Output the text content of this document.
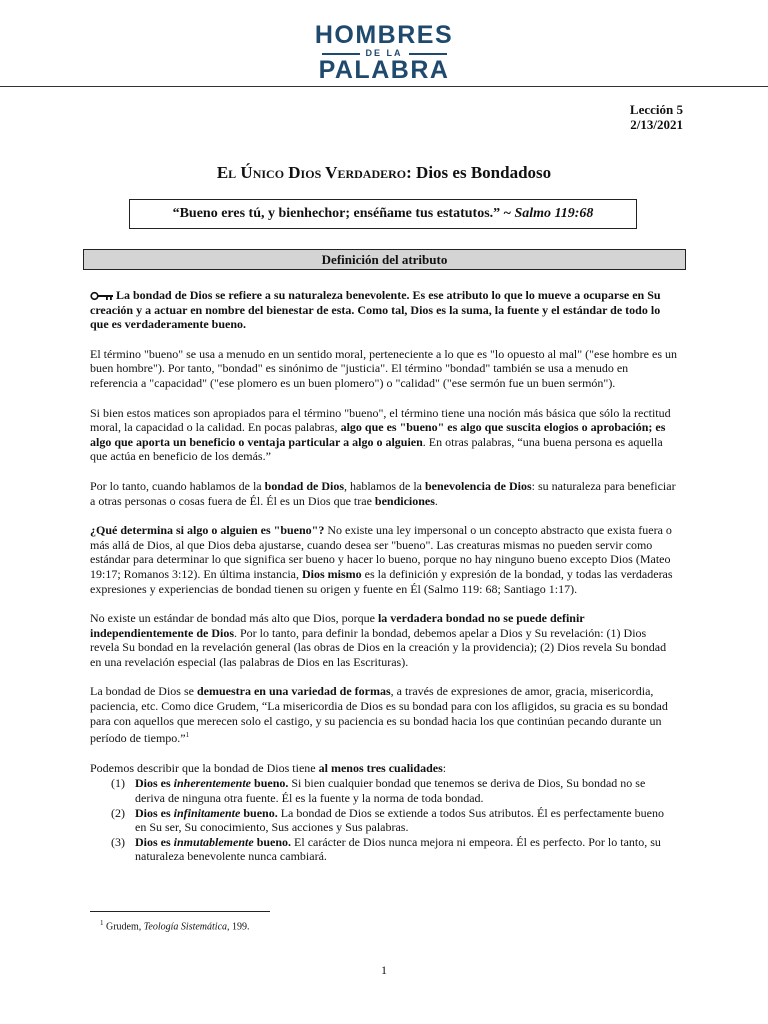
HOMBRES
DE LA
PALABRA
Lección 5
2/13/2021
El Único Dios Verdadero: Dios es Bondadoso
“Bueno eres tú, y bienhechor; enséñame tus estatutos.” ~ Salmo 119:68
Definición del atributo

La bondad de Dios se refiere a su naturaleza benevolente. Es ese atributo lo que lo mueve a ocuparse en Su creación y a actuar en nombre del bienestar de esta. Como tal, Dios es la suma, la fuente y el estándar de todo lo que es verdaderamente bueno.

El término "bueno" se usa a menudo en un sentido moral, perteneciente a lo que es "lo opuesto al mal" ("ese hombre es un buen hombre"). Por tanto, "bondad" es sinónimo de "justicia". El término "bondad" también se usa a menudo en referencia a "capacidad" ("ese plomero es un buen plomero") o "calidad" ("ese sermón fue un buen sermón").

Si bien estos matices son apropiados para el término "bueno", el término tiene una noción más básica que sólo la rectitud moral, la capacidad o la calidad. En pocas palabras, algo que es "bueno" es algo que suscita elogios o aprobación; es algo que aporta un beneficio o ventaja particular a algo o alguien. En otras palabras, “una buena persona es aquella que actúa en beneficio de los demás.”

Por lo tanto, cuando hablamos de la bondad de Dios, hablamos de la benevolencia de Dios: su naturaleza para beneficiar a otras personas o cosas fuera de Él. Él es un Dios que trae bendiciones.

¿Qué determina si algo o alguien es "bueno"? No existe una ley impersonal o un concepto abstracto que exista fuera o más allá de Dios, al que Dios deba ajustarse, cuando desea ser "bueno". Las creaturas mismas no pueden servir como estándar para determinar lo que significa ser bueno y hacer lo bueno, porque no hay ninguno bueno excepto Dios (Mateo 19:17; Romanos 3:12). En última instancia, Dios mismo es la definición y expresión de la bondad, y todas las verdaderas expresiones y experiencias de bondad tienen su origen y fuente en Él (Salmo 119: 68; Santiago 1:17).

No existe un estándar de bondad más alto que Dios, porque la verdadera bondad no se puede definir independientemente de Dios. Por lo tanto, para definir la bondad, debemos apelar a Dios y Su revelación: (1) Dios revela Su bondad en la revelación general (las obras de Dios en la creación y la providencia); (2) Dios revela Su bondad en una revelación especial (las palabras de Dios en las Escrituras).

La bondad de Dios se demuestra en una variedad de formas, a través de expresiones de amor, gracia, misericordia, paciencia, etc. Como dice Grudem, “La misericordia de Dios es su bondad para con los afligidos, su gracia es su bondad para con aquellos que merecen solo el castigo, y su paciencia es su bondad hacia los que continúan pecando durante un período de tiempo.”$^1$

Podemos describir que la bondad de Dios tiene al menos tres cualidades:
(1) Dios es inherentemente bueno. Si bien cualquier bondad que tenemos se deriva de Dios, Su bondad no se deriva de ninguna otra fuente. Él es la fuente y la norma de toda bondad.
(2) Dios es infinitamente bueno. La bondad de Dios se extiende a todos Sus atributos. Él es perfectamente bueno en Su ser, Su conocimiento, Sus acciones y Sus palabras.
(3) Dios es inmutablemente bueno. El carácter de Dios nunca mejora ni empeora. Él es perfecto. Por lo tanto, su naturaleza benevolente nunca cambiará.
$^1$ Grudem, Teología Sistemática, 199.
1
